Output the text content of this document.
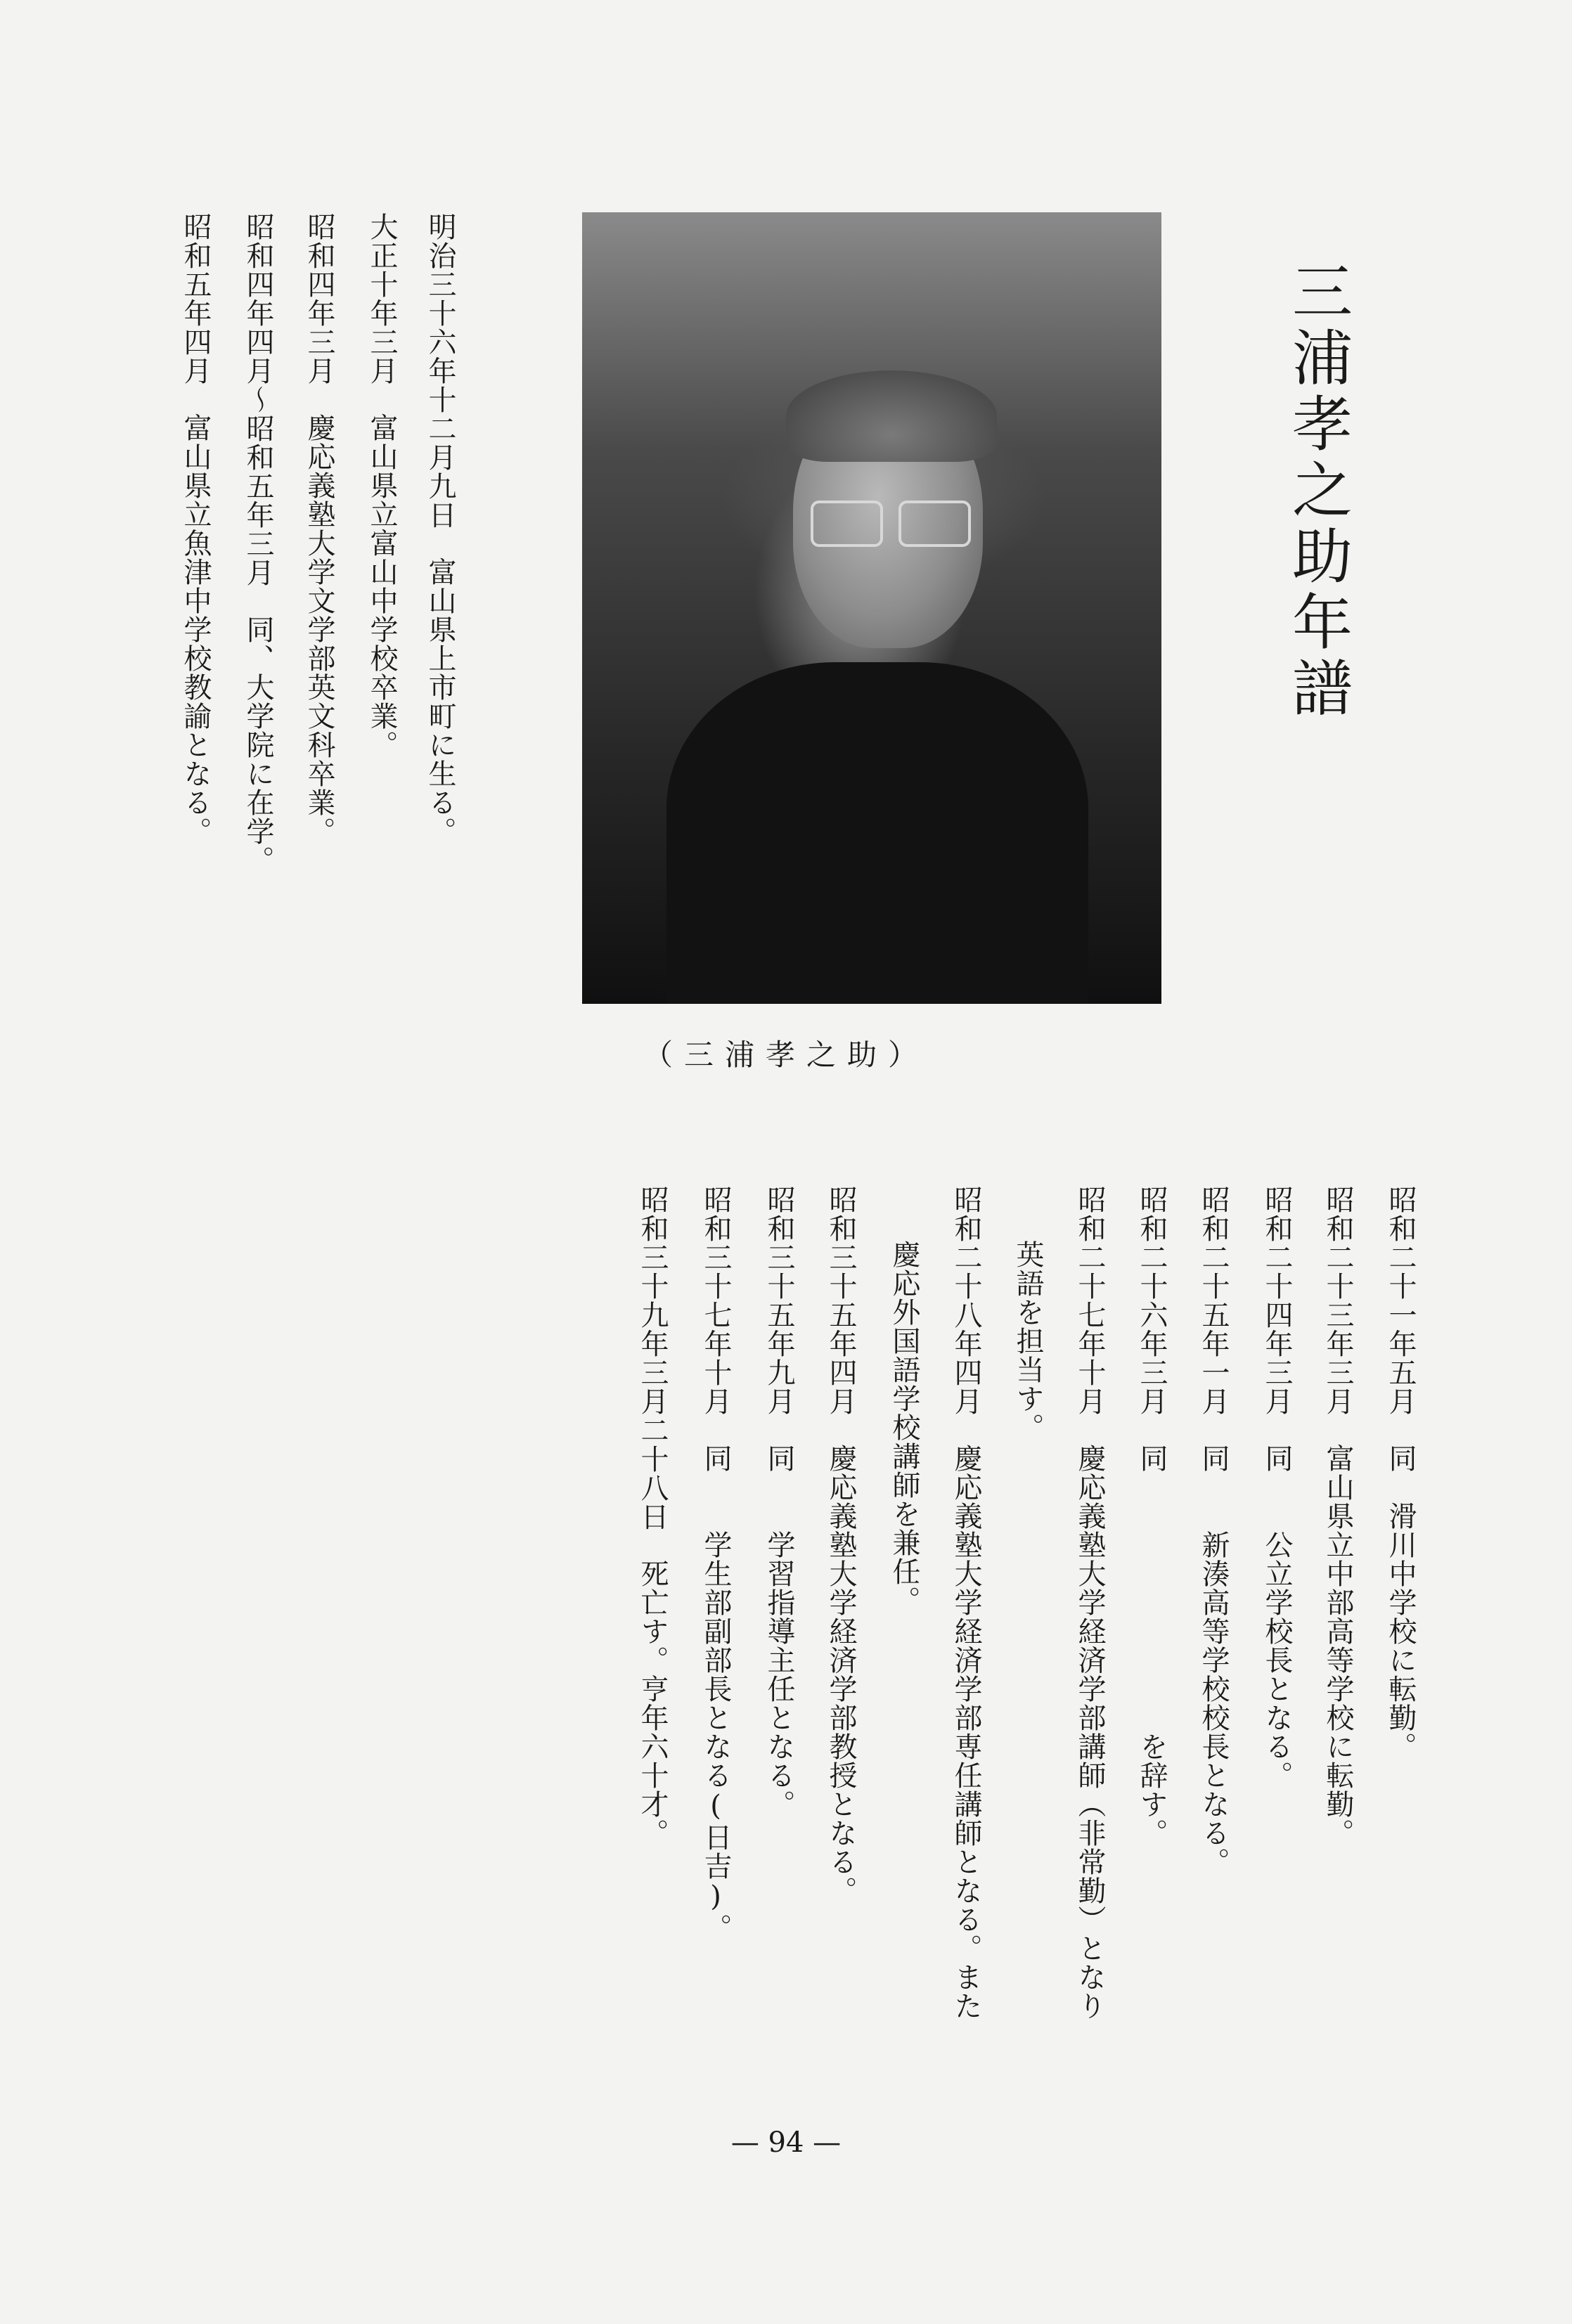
三浦孝之助年譜
（三浦孝之助）
明治三十六年十二月九日富山県上市町に生る。
大正十年三月富山県立富山中学校卒業。
昭和四年三月慶応義塾大学文学部英文科卒業。
昭和四年四月〜昭和五年三月同、大学院に在学。
昭和五年四月富山県立魚津中学校教諭となる。
昭和二十一年五月同　滑川中学校に転勤。
昭和二十三年三月富山県立中部高等学校に転勤。
昭和二十四年三月同　　公立学校長となる。
昭和二十五年一月同　　新湊高等学校校長となる。
昭和二十六年三月同　　　　　　　　　を辞す。
昭和二十七年十月慶応義塾大学経済学部講師（非常勤）となり
英語を担当す。
昭和二十八年四月慶応義塾大学経済学部専任講師となる。また
慶応外国語学校講師を兼任。
昭和三十五年四月慶応義塾大学経済学部教授となる。
昭和三十五年九月同　　学習指導主任となる。
昭和三十七年十月同　　学生部副部長となる(日吉)。
昭和三十九年三月二十八日死亡す。亨年六十才。
— 94 —
